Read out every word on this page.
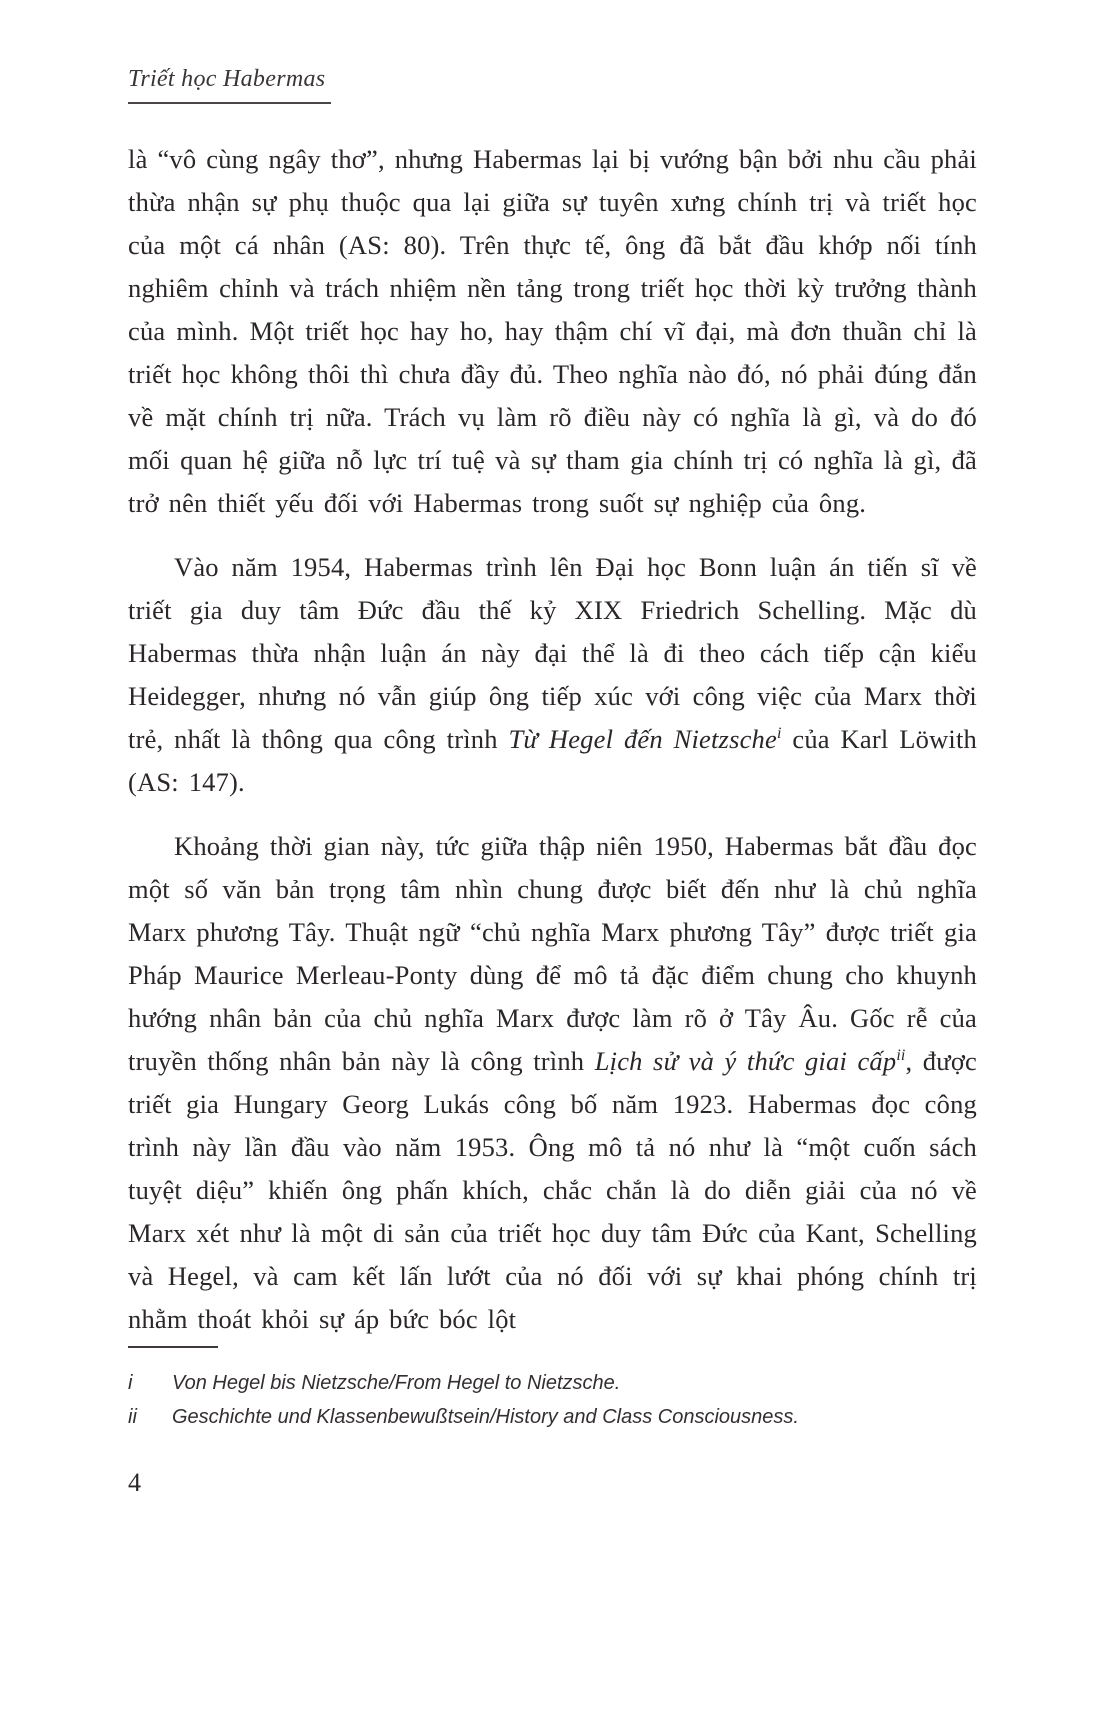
Triết học Habermas

là “vô cùng ngây thơ”, nhưng Habermas lại bị vướng bận bởi nhu cầu phải thừa nhận sự phụ thuộc qua lại giữa sự tuyên xưng chính trị và triết học của một cá nhân (AS: 80). Trên thực tế, ông đã bắt đầu khớp nối tính nghiêm chỉnh và trách nhiệm nền tảng trong triết học thời kỳ trưởng thành của mình. Một triết học hay ho, hay thậm chí vĩ đại, mà đơn thuần chỉ là triết học không thôi thì chưa đầy đủ. Theo nghĩa nào đó, nó phải đúng đắn về mặt chính trị nữa. Trách vụ làm rõ điều này có nghĩa là gì, và do đó mối quan hệ giữa nỗ lực trí tuệ và sự tham gia chính trị có nghĩa là gì, đã trở nên thiết yếu đối với Habermas trong suốt sự nghiệp của ông.

Vào năm 1954, Habermas trình lên Đại học Bonn luận án tiến sĩ về triết gia duy tâm Đức đầu thế kỷ XIX Friedrich Schelling. Mặc dù Habermas thừa nhận luận án này đại thể là đi theo cách tiếp cận kiểu Heidegger, nhưng nó vẫn giúp ông tiếp xúc với công việc của Marx thời trẻ, nhất là thông qua công trình Từ Hegel đến Nietzsche$^i$ của Karl Löwith (AS: 147).

Khoảng thời gian này, tức giữa thập niên 1950, Habermas bắt đầu đọc một số văn bản trọng tâm nhìn chung được biết đến như là chủ nghĩa Marx phương Tây. Thuật ngữ “chủ nghĩa Marx phương Tây” được triết gia Pháp Maurice Merleau-Ponty dùng để mô tả đặc điểm chung cho khuynh hướng nhân bản của chủ nghĩa Marx được làm rõ ở Tây Âu. Gốc rễ của truyền thống nhân bản này là công trình Lịch sử và ý thức giai cấp$^{ii}$, được triết gia Hungary Georg Lukás công bố năm 1923. Habermas đọc công trình này lần đầu vào năm 1953. Ông mô tả nó như là “một cuốn sách tuyệt diệu” khiến ông phấn khích, chắc chắn là do diễn giải của nó về Marx xét như là một di sản của triết học duy tâm Đức của Kant, Schelling và Hegel, và cam kết lấn lướt của nó đối với sự khai phóng chính trị nhằm thoát khỏi sự áp bức bóc lột

i	Von Hegel bis Nietzsche/From Hegel to Nietzsche.
ii	Geschichte und Klassenbewußtsein/History and Class Consciousness.
4
